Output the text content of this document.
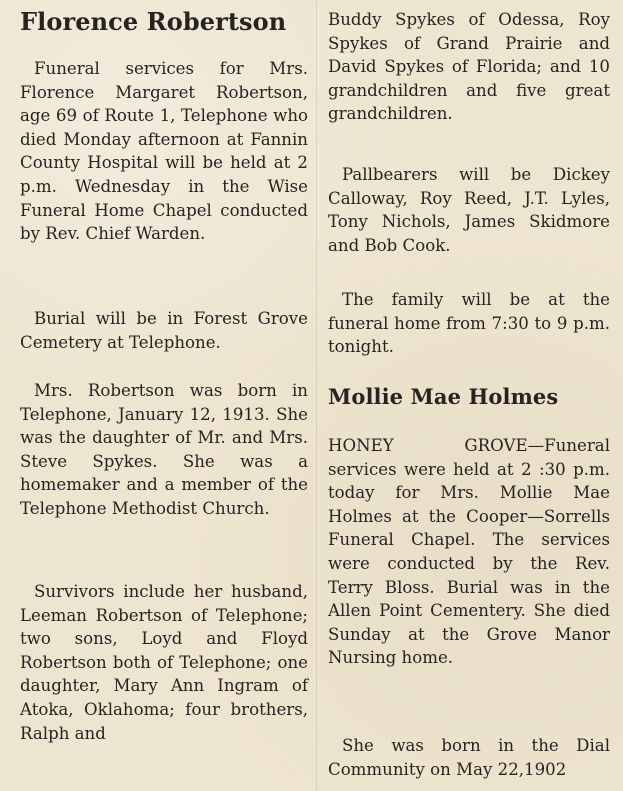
Florence Robertson

Funeral services for Mrs. Florence Margaret Robertson, age 69 of Route 1, Telephone who died Monday afternoon at Fannin County Hospital will be held at 2 p.m. Wednesday in the Wise Funeral Home Chapel conducted by Rev. Chief Warden.

Burial will be in Forest Grove Cemetery at Telephone.

Mrs. Robertson was born in Telephone, January 12, 1913. She was the daughter of Mr. and Mrs. Steve Spykes. She was a homemaker and a member of the Telephone Methodist Church.

Survivors include her husband, Leeman Robertson of Telephone; two sons, Loyd and Floyd Robertson both of Telephone; one daughter, Mary Ann Ingram of Atoka, Oklahoma; four brothers, Ralph and

Buddy Spykes of Odessa, Roy Spykes of Grand Prairie and David Spykes of Florida; and 10 grandchildren and five great grandchildren.

Pallbearers will be Dickey Calloway, Roy Reed, J.T. Lyles, Tony Nichols, James Skidmore and Bob Cook.

The family will be at the funeral home from 7:30 to 9 p.m. tonight.

Mollie Mae Holmes

HONEY GROVE—Funeral services were held at 2 :30 p.m. today for Mrs. Mollie Mae Holmes at the Cooper—Sorrells Funeral Chapel. The services were conducted by the Rev. Terry Bloss. Burial was in the Allen Point Cementery. She died Sunday at the Grove Manor Nursing home.

She was born in the Dial Community on May 22,1902
